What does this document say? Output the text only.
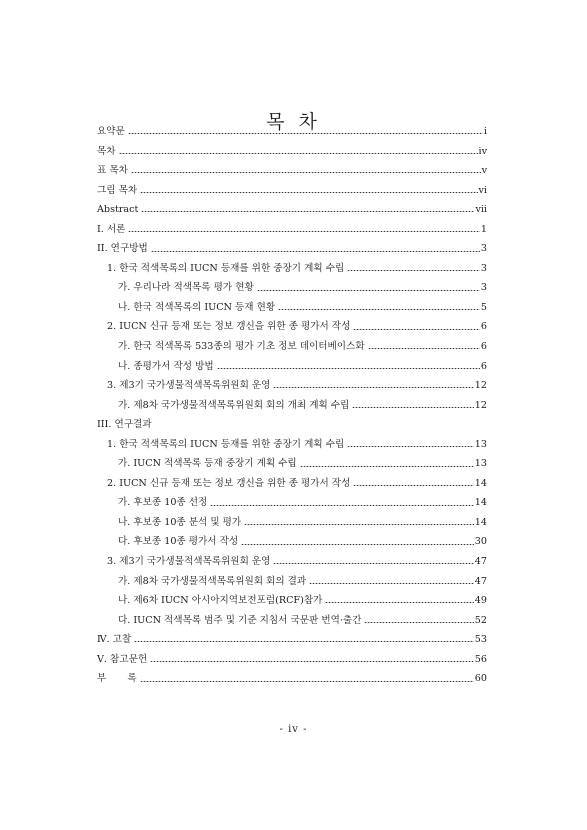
목 차
요약문	i
목차	iv
표 목차	v
그림 목차	vi
Abstract	vii
I. 서론	1
II. 연구방법	3
1. 한국 적색목록의 IUCN 등재를 위한 중장기 계획 수립	3
가. 우리나라 적색목록 평가 현황	3
나. 한국 적색목록의 IUCN 등재 현황	5
2. IUCN 신규 등재 또는 정보 갱신을 위한 종 평가서 작성	6
가. 한국 적색목록 533종의 평가 기초 정보 데이터베이스화	6
나. 종평가서 작성 방법	6
3. 제3기 국가생물적색목록위원회 운영	12
가. 제8차 국가생물적색목록위원회 회의 개최 계획 수립	12
III. 연구결과
1. 한국 적색목록의 IUCN 등재를 위한 중장기 계획 수립	13
가. IUCN 적색목록 등재 중장기 계획 수립	13
2. IUCN 신규 등재 또는 정보 갱신을 위한 종 평가서 작성	14
가. 후보종 10종 선정	14
나. 후보종 10종 분석 및 평가	14
다. 후보종 10종 평가서 작성	30
3. 제3기 국가생물적색목록위원회 운영	47
가. 제8차 국가생물적색목록위원회 회의 결과	47
나. 제6차 IUCN 아시아지역보전포럼(RCF)참가	49
다. IUCN 적색목록 범주 및 기준 지침서 국문판 번역·출간	52
Ⅳ. 고찰	53
Ⅴ. 참고문헌	56
부 록	60
- iv -
